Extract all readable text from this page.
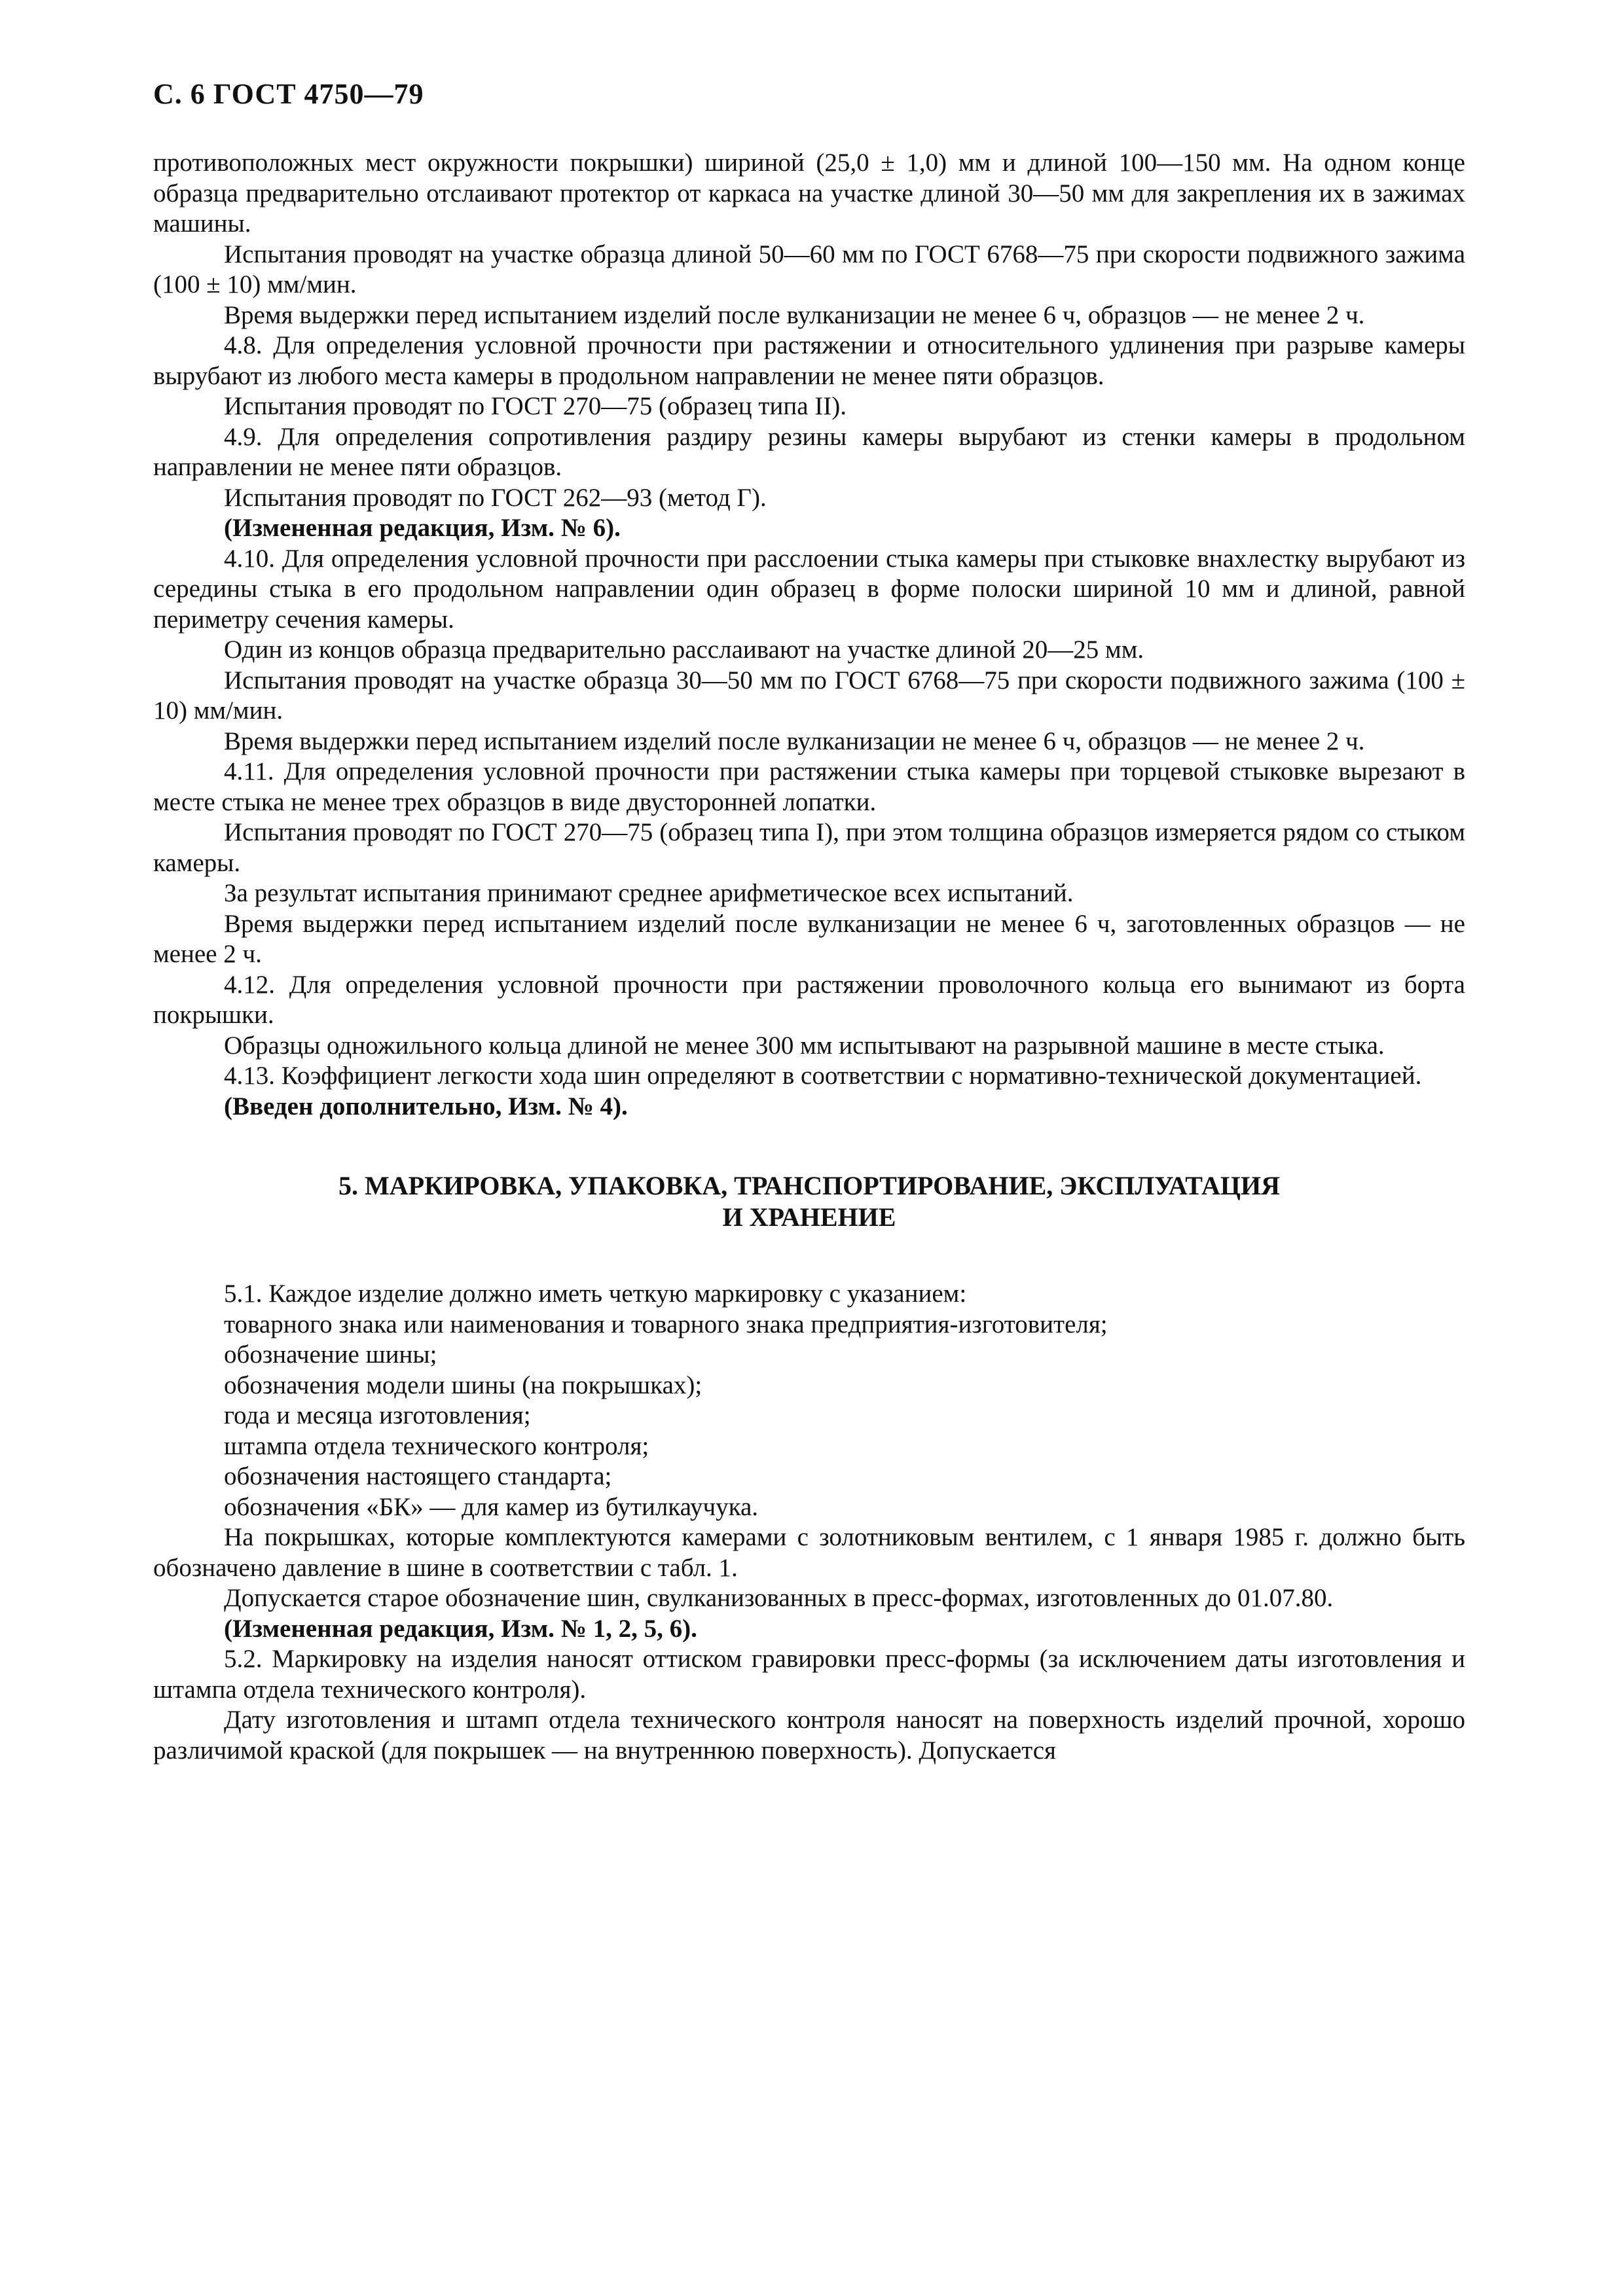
С. 6 ГОСТ 4750—79

противоположных мест окружности покрышки) шириной (25,0 ± 1,0) мм и длиной 100—150 мм. На одном конце образца предварительно отслаивают протектор от каркаса на участке длиной 30—50 мм для закрепления их в зажимах машины.

Испытания проводят на участке образца длиной 50—60 мм по ГОСТ 6768—75 при скорости подвижного зажима (100 ± 10) мм/мин.

Время выдержки перед испытанием изделий после вулканизации не менее 6 ч, образцов — не менее 2 ч.

4.8. Для определения условной прочности при растяжении и относительного удлинения при разрыве камеры вырубают из любого места камеры в продольном направлении не менее пяти образцов.

Испытания проводят по ГОСТ 270—75 (образец типа II).

4.9. Для определения сопротивления раздиру резины камеры вырубают из стенки камеры в продольном направлении не менее пяти образцов.

Испытания проводят по ГОСТ 262—93 (метод Г).

(Измененная редакция, Изм. № 6).

4.10. Для определения условной прочности при расслоении стыка камеры при стыковке внахлестку вырубают из середины стыка в его продольном направлении один образец в форме полоски шириной 10 мм и длиной, равной периметру сечения камеры.

Один из концов образца предварительно расслаивают на участке длиной 20—25 мм.

Испытания проводят на участке образца 30—50 мм по ГОСТ 6768—75 при скорости подвижного зажима (100 ± 10) мм/мин.

Время выдержки перед испытанием изделий после вулканизации не менее 6 ч, образцов — не менее 2 ч.

4.11. Для определения условной прочности при растяжении стыка камеры при торцевой стыковке вырезают в месте стыка не менее трех образцов в виде двусторонней лопатки.

Испытания проводят по ГОСТ 270—75 (образец типа I), при этом толщина образцов измеряется рядом со стыком камеры.

За результат испытания принимают среднее арифметическое всех испытаний.

Время выдержки перед испытанием изделий после вулканизации не менее 6 ч, заготовленных образцов — не менее 2 ч.

4.12. Для определения условной прочности при растяжении проволочного кольца его вынимают из борта покрышки.

Образцы одножильного кольца длиной не менее 300 мм испытывают на разрывной машине в месте стыка.

4.13. Коэффициент легкости хода шин определяют в соответствии с нормативно-технической документацией.

(Введен дополнительно, Изм. № 4).

5. МАРКИРОВКА, УПАКОВКА, ТРАНСПОРТИРОВАНИЕ, ЭКСПЛУАТАЦИЯ
И ХРАНЕНИЕ

5.1. Каждое изделие должно иметь четкую маркировку с указанием:

товарного знака или наименования и товарного знака предприятия-изготовителя;

обозначение шины;

обозначения модели шины (на покрышках);

года и месяца изготовления;

штампа отдела технического контроля;

обозначения настоящего стандарта;

обозначения «БК» — для камер из бутилкаучука.

На покрышках, которые комплектуются камерами с золотниковым вентилем, с 1 января 1985 г. должно быть обозначено давление в шине в соответствии с табл. 1.

Допускается старое обозначение шин, свулканизованных в пресс-формах, изготовленных до 01.07.80.

(Измененная редакция, Изм. № 1, 2, 5, 6).

5.2. Маркировку на изделия наносят оттиском гравировки пресс-формы (за исключением даты изготовления и штампа отдела технического контроля).

Дату изготовления и штамп отдела технического контроля наносят на поверхность изделий прочной, хорошо различимой краской (для покрышек — на внутреннюю поверхность). Допускается
